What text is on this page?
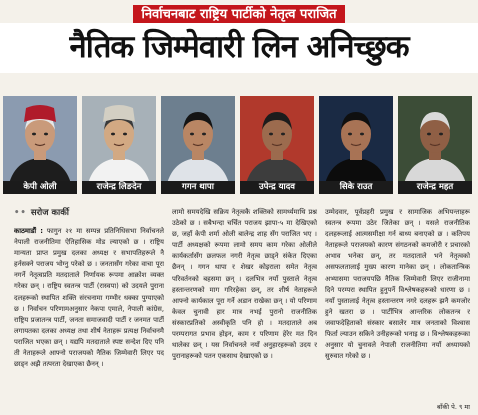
निर्वाचनबाट राष्ट्रिय पार्टीको नेतृत्व पराजित
नैतिक जिम्मेवारी लिन अनिच्छुक
केपी ओली	राजेन्द्र लिङदेन	गगन थापा	उपेन्द्र यादव	सिके राउत	राजेन्द्र महत
•• सरोज कार्की
काठमाडौं : फागुन २१ मा सम्पन्न प्रतिनिधिसभा निर्वाचनले नेपाली राजनीतिमा ऐतिहासिक मोड ल्याएको छ । राष्ट्रिय मान्यता प्राप्त प्रमुख दलका अध्यक्ष र सभापतिहरूले नै हर्नसक्ने पराजय भोग्नु परेको छ । जनतासँग गरेका वाचा पूरा नगर्ने नेतृत्वप्रति मतदाताले निर्णायक रूपमा आक्रोश व्यक्त गरेका छन् । राष्ट्रिय स्वतन्त्र पार्टी (रास्वपा) को उदयले पुराना दलहरूको स्थापित शक्ति संरचनामा गम्भीर धक्का पुग्याएको छ । निर्वाचन परिणामअनुसार नेकपा एमाले, नेपाली कांग्रेस, राष्ट्रिय प्रजातन्त्र पार्टी, जनता समाजवादी पार्टी र जनमत पार्टी लगायतका दलका अध्यक्ष तथा शीर्ष नेताहरू प्रत्यक्ष निर्वाचनमै पराजित भएका छन् । यद्यपि मतदाताले स्पष्ट सन्देश दिए पनि ती नेताहरूले आफ्नो पराजयको नैतिक जिम्मेवारी लिएर पद छाड्न अझै तत्परता देखाएका छैनन् ।
लामो समयदेखि सक्रिय नेतृत्वकै शक्तिको सामर्थ्यमाथि प्रश्न उठेको छ । सबैभन्दा चर्चित पराजय झापा-५ मा देखिएको छ, जहाँ केपी शर्मा ओली बालेन्द्र शाह सँग पराजित भए । पार्टी अध्यक्षको रूपमा लामो समय काम गरेका ओलीले कार्यकर्तासँग छलफल नगरी नेतृत्व छाड्ने संकेत दिएका छैनन् । गगन थापा र शेखर कोइराला समेत नेतृत्व परिवर्तनको बहसमा छन् । दलभित्र नयाँ पुस्ताले नेतृत्व हस्तान्तरणको माग गरिरहेका छन्, तर शीर्ष नेताहरूले आफ्नो कार्यकाल पूरा गर्ने अडान राखेका छन् । यो परिणाम केवल चुनावी हार मात्र नभई पुरानो राजनीतिक संस्कारप्रतिको अस्वीकृति पनि हो । मतदाताले अब परम्परागत प्रभाव होइन, काम र परिणाम हेरेर मत दिन थालेका छन् । यस निर्वाचनले नयाँ अनुहारहरूको उदय र पुरानाहरूको पतन एकसाथ देखाएको छ ।
उम्मेदवार, पूर्वप्रहरी प्रमुख र सामाजिक अभियन्ताहरू स्वतन्त्र रूपमा उठेर जितेका छन् । यसले राजनीतिक दलहरूलाई आत्मसमीक्षा गर्न बाध्य बनाएको छ । कतिपय नेताहरूले पराजयको कारण संगठनको कमजोरी र प्रचारको अभाव भनेका छन्, तर मतदाताले भने नेतृत्वको असफलतालाई मुख्य कारण मानेका छन् । लोकतान्त्रिक अभ्यासमा पराजयपछि नैतिक जिम्मेवारी लिएर राजीनामा दिने परम्परा स्थापित हुनुपर्ने विश्लेषकहरूको धारणा छ । नयाँ पुस्तालाई नेतृत्व हस्तान्तरण नगरे दलहरू झनै कमजोर हुने खतरा छ । पार्टीभित्र आन्तरिक लोकतन्त्र र जवाफदेहिताको संस्कार बसालेर मात्र जनताको विश्वास फिर्ता ल्याउन सकिने उनीहरूको भनाइ छ । विश्लेषकहरूका अनुसार यो चुनावले नेपाली राजनीतिमा नयाँ अध्यायको सुरुवात गरेको छ ।
बाँकी पे. ९ मा
